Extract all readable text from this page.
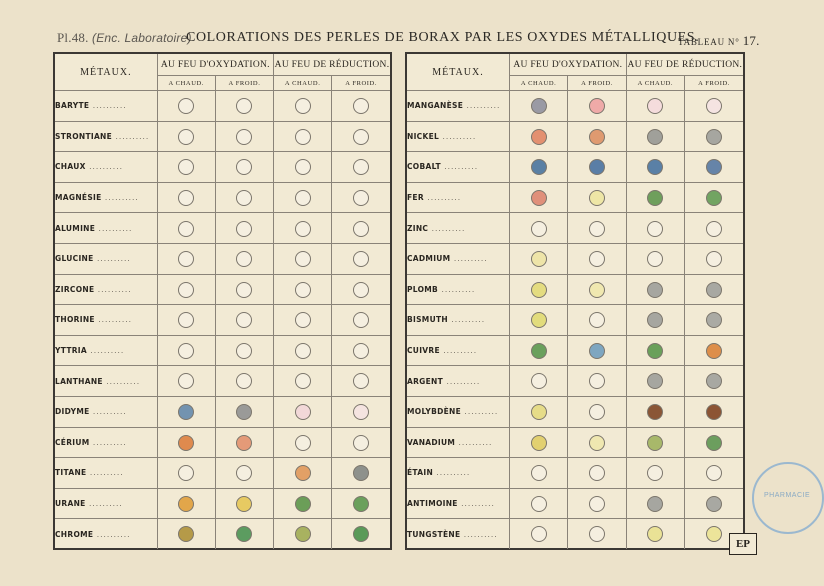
Pl.48. (Enc. Laboratoire)
COLORATIONS DES PERLES DE BORAX PAR LES OXYDES MÉTALLIQUES.
TABLEAU N° 17.
MÉTAUX.	AU FEU D'OXYDATION.		AU FEU DE RÉDUCTION.	
	A CHAUD.	A FROID.	A CHAUD.	A FROID.
BARYTE ..........				
STRONTIANE ..........				
CHAUX ..........				
MAGNÉSIE ..........				
ALUMINE ..........				
GLUCINE ..........				
ZIRCONE ..........				
THORINE ..........				
YTTRIA ..........				
LANTHANE ..........				
DIDYME ..........				
CÉRIUM ..........				
TITANE ..........				
URANE ..........				
CHROME ..........				
MÉTAUX.	AU FEU D'OXYDATION.		AU FEU DE RÉDUCTION.	
	A CHAUD.	A FROID.	A CHAUD.	A FROID.
MANGANÈSE ..........				
NICKEL ..........				
COBALT ..........				
FER ..........				
ZINC ..........				
CADMIUM ..........				
PLOMB ..........				
BISMUTH ..........				
CUIVRE ..........				
ARGENT ..........				
MOLYBDÈNE ..........				
VANADIUM ..........				
ÉTAIN ..........				
ANTIMOINE ..........				
TUNGSTÈNE ..........				
PHARMACIE
EP
